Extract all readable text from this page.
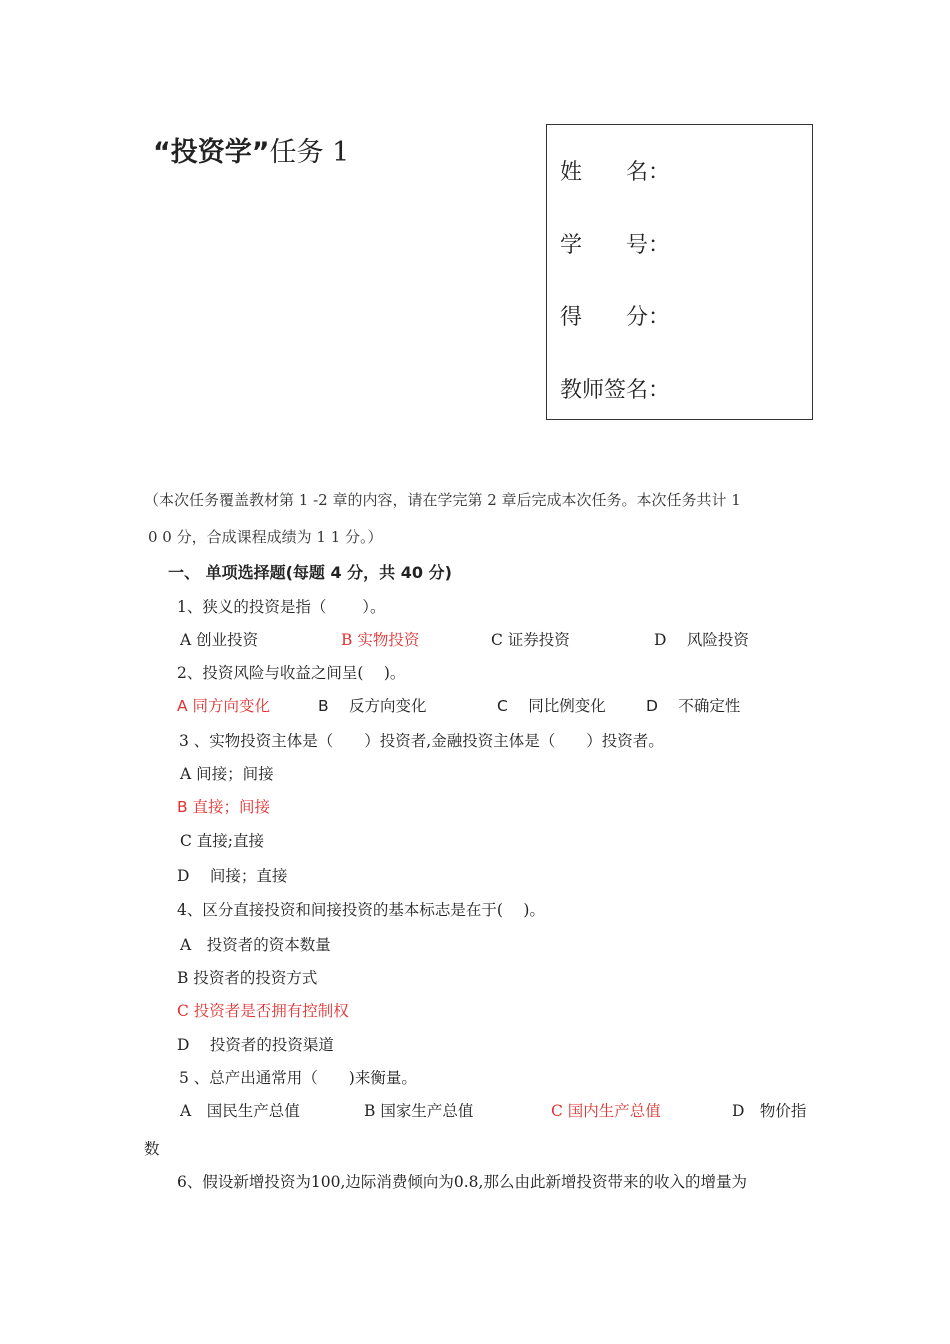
“投资学”任务 1
姓　　名：
学　　号：
得　　分：
教师签名：
（本次任务覆盖教材第 1 -2 章的内容，请在学完第 2 章后完成本次任务。本次任务共计 1
0 0 分，合成课程成绩为 1 1 分。）
一、 单项选择题(每题 4 分，共 40 分)
1、狭义的投资是指（　　 ）。
A 创业投资	B 实物投资	C 证券投资	D　 风险投资
2、投资风险与收益之间呈(　 )。
A 同方向变化	B　 反方向变化	C　 同比例变化	D　 不确定性
3 、实物投资主体是（　　）投资者,金融投资主体是（　　）投资者。
A 间接；间接
B 直接；间接
C 直接;直接
D　 间接；直接
4、区分直接投资和间接投资的基本标志是在于(　 )。
A　投资者的资本数量
B 投资者的投资方式
C 投资者是否拥有控制权
D　 投资者的投资渠道
5 、总产出通常用（　　)来衡量。
A　国民生产总值	B 国家生产总值	C 国内生产总值	D　物价指
数
6、假设新增投资为100,边际消费倾向为0.8,那么由此新增投资带来的收入的增量为
